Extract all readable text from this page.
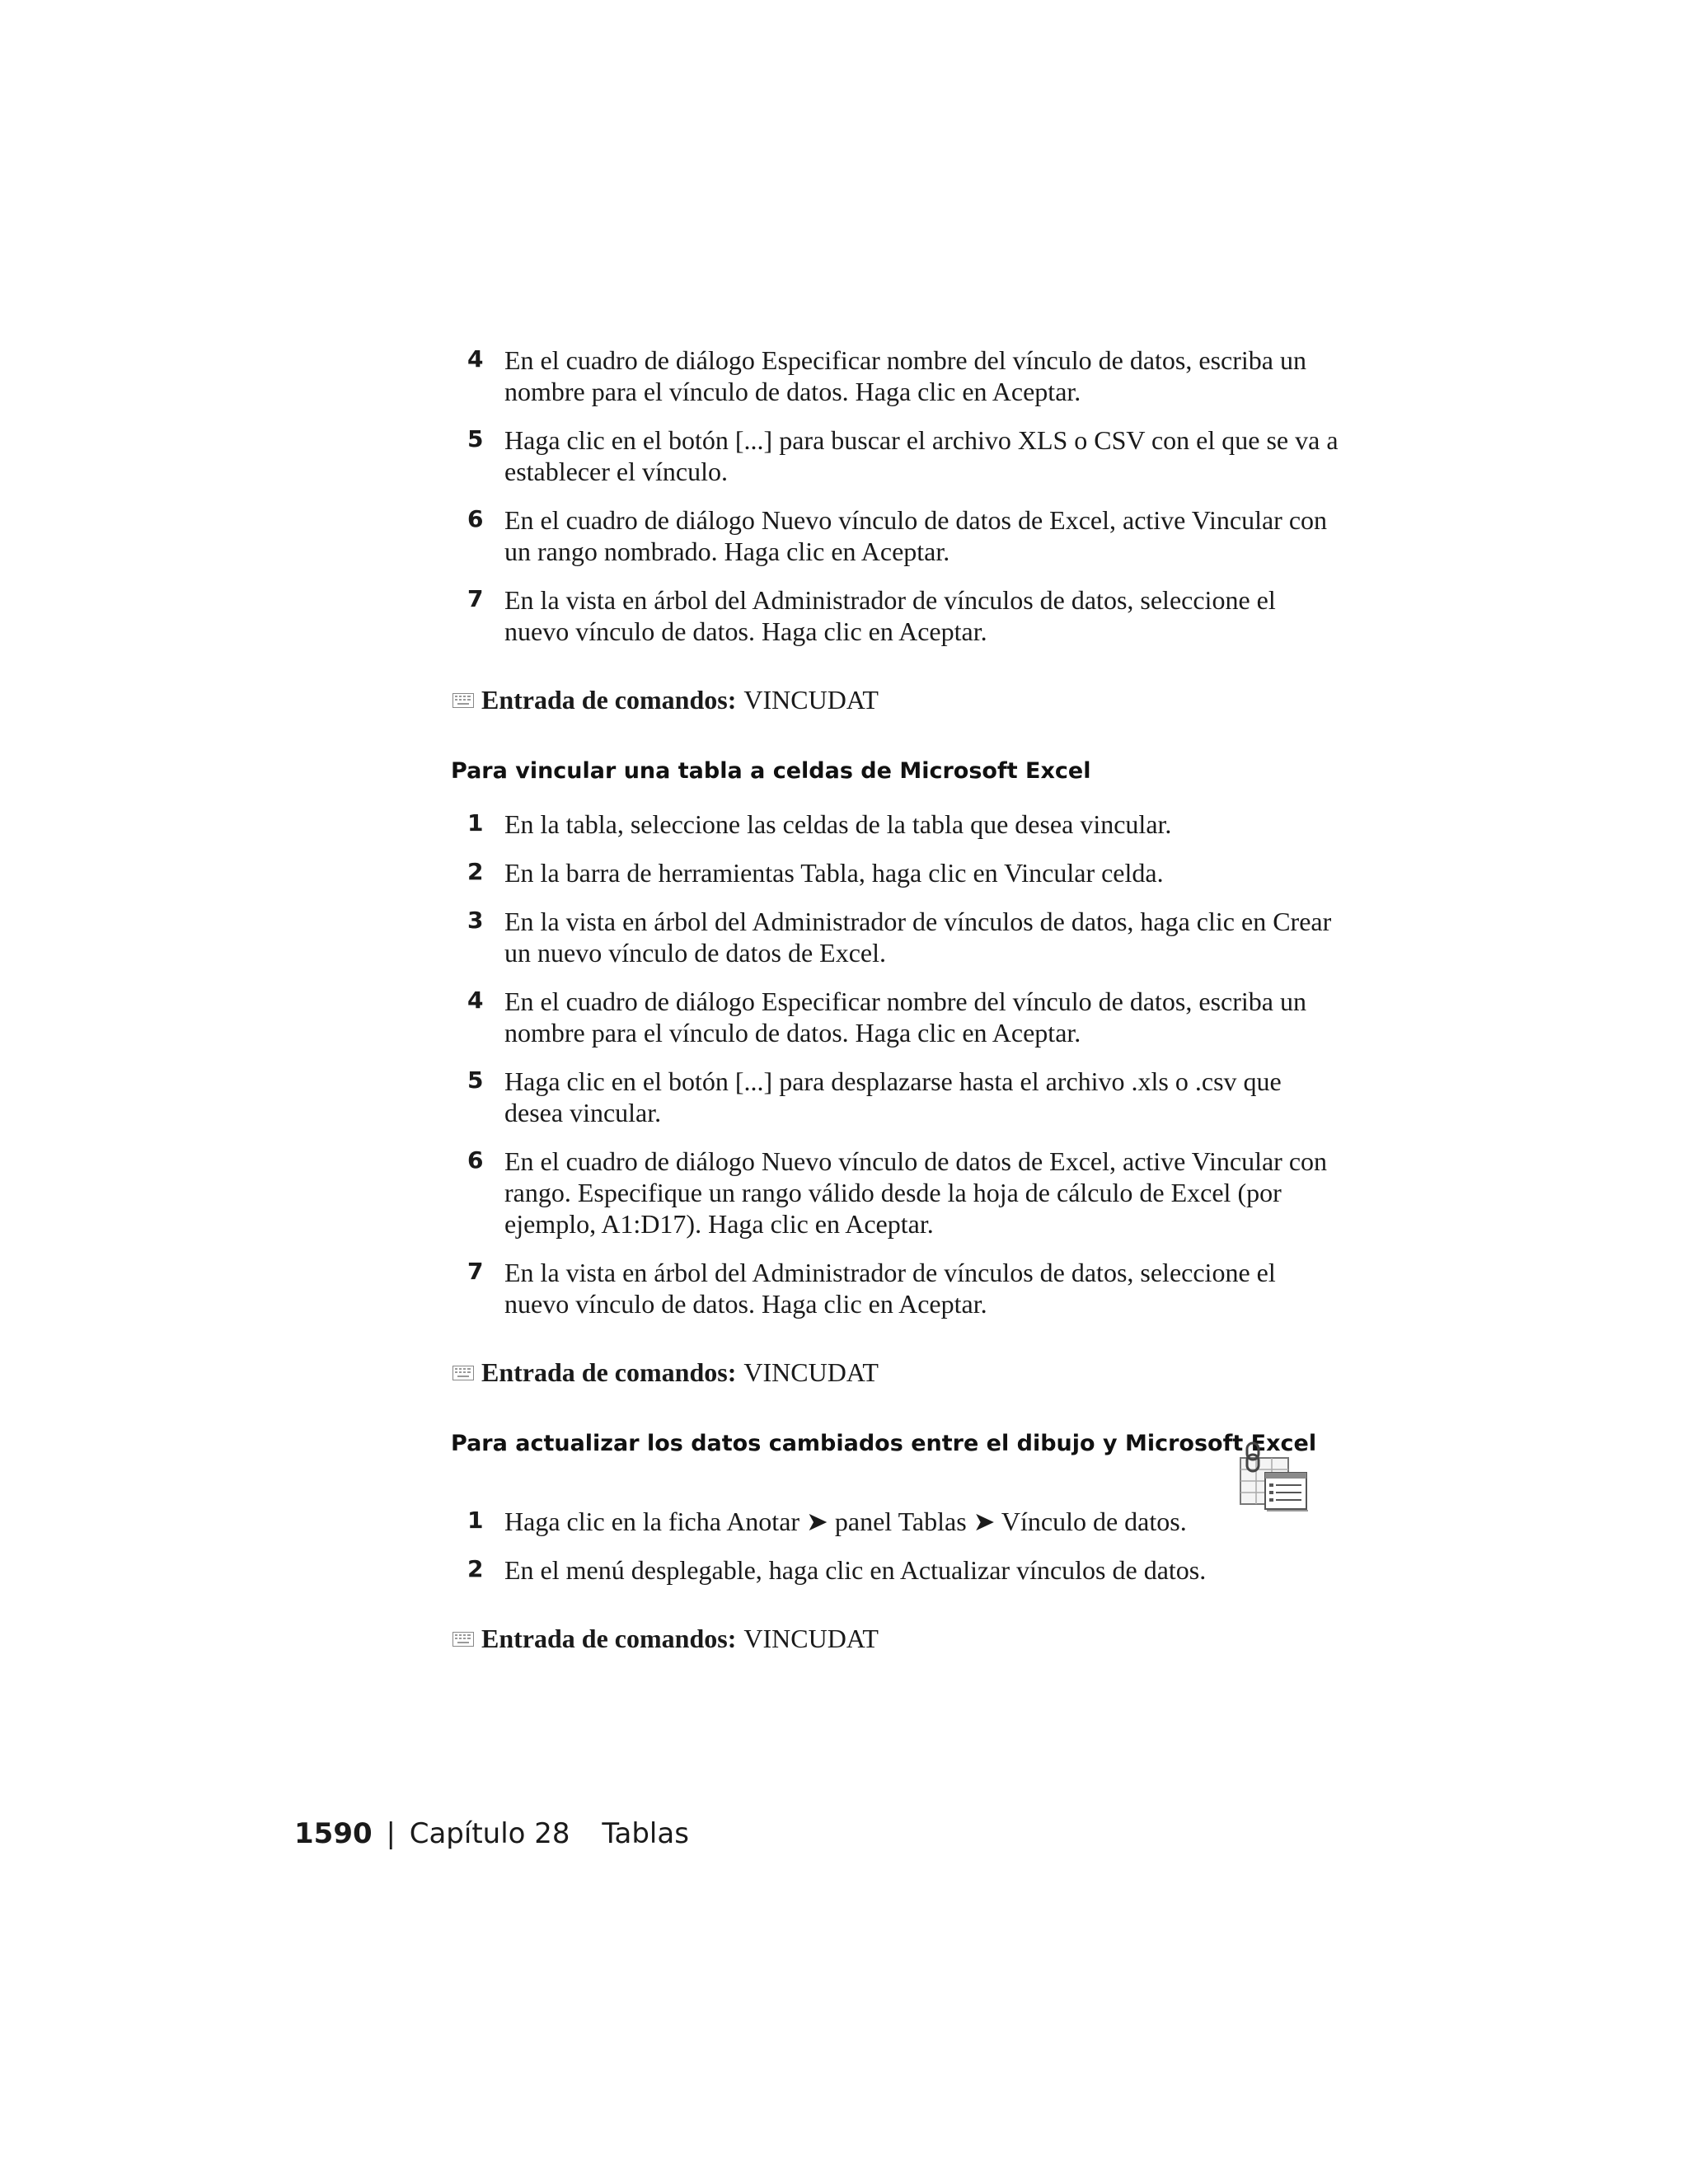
4 En el cuadro de diálogo Especificar nombre del vínculo de datos, escriba un nombre para el vínculo de datos. Haga clic en Aceptar.
5 Haga clic en el botón [...] para buscar el archivo XLS o CSV con el que se va a establecer el vínculo.
6 En el cuadro de diálogo Nuevo vínculo de datos de Excel, active Vincular con un rango nombrado. Haga clic en Aceptar.
7 En la vista en árbol del Administrador de vínculos de datos, seleccione el nuevo vínculo de datos. Haga clic en Aceptar.
Entrada de comandos: VINCUDAT
Para vincular una tabla a celdas de Microsoft Excel
1 En la tabla, seleccione las celdas de la tabla que desea vincular.
2 En la barra de herramientas Tabla, haga clic en Vincular celda.
3 En la vista en árbol del Administrador de vínculos de datos, haga clic en Crear un nuevo vínculo de datos de Excel.
4 En el cuadro de diálogo Especificar nombre del vínculo de datos, escriba un nombre para el vínculo de datos. Haga clic en Aceptar.
5 Haga clic en el botón [...] para desplazarse hasta el archivo .xls o .csv que desea vincular.
6 En el cuadro de diálogo Nuevo vínculo de datos de Excel, active Vincular con rango. Especifique un rango válido desde la hoja de cálculo de Excel (por ejemplo, A1:D17). Haga clic en Aceptar.
7 En la vista en árbol del Administrador de vínculos de datos, seleccione el nuevo vínculo de datos. Haga clic en Aceptar.
Entrada de comandos: VINCUDAT
Para actualizar los datos cambiados entre el dibujo y Microsoft Excel
1 Haga clic en la ficha Anotar ➤ panel Tablas ➤ Vínculo de datos.
2 En el menú desplegable, haga clic en Actualizar vínculos de datos.
Entrada de comandos: VINCUDAT
1590 | Capítulo 28 Tablas
